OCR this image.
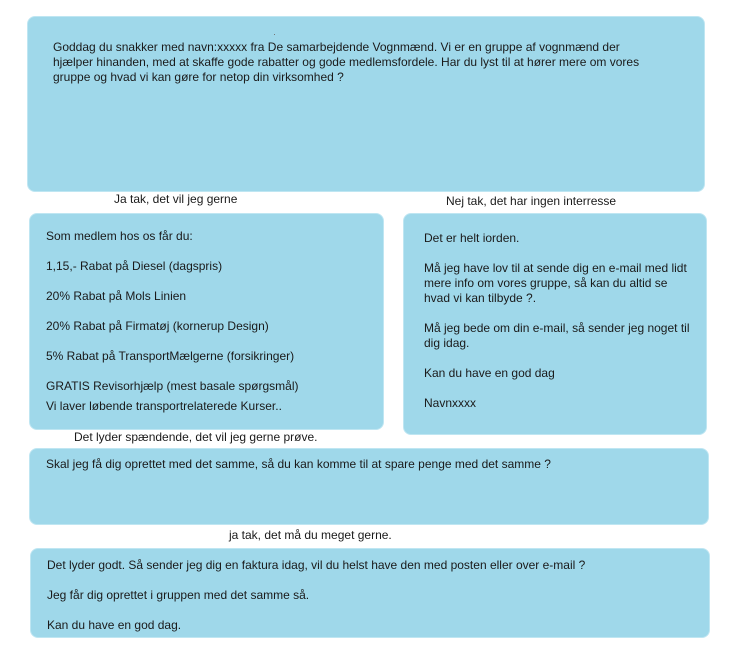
Goddag du snakker med navn:xxxxx fra De samarbejdende Vognmænd. Vi er en gruppe af vognmænd der hjælper hinanden, med at skaffe gode rabatter og gode medlemsfordele. Har du lyst til at hører mere om vores gruppe og hvad vi kan gøre for netop din virksomhed ?

Ja tak, det vil jeg gerne	Nej tak, det har ingen interresse

Som medlem hos os får du:

1,15,- Rabat på Diesel (dagspris)

20% Rabat på Mols Linien

20% Rabat på Firmatøj (kornerup Design)

5% Rabat på TransportMælgerne (forsikringer)

GRATIS Revisorhjælp (mest basale spørgsmål)

Vi laver løbende transportrelaterede Kurser..

Det er helt iorden.

Må jeg have lov til at sende dig en e-mail med lidt mere info om vores gruppe, så kan du altid se hvad vi kan tilbyde ?.

Må jeg bede om din e-mail, så sender jeg noget til dig idag.

Kan du have en god dag

Navnxxxx

Det lyder spændende, det vil jeg gerne prøve.

Skal jeg få dig oprettet med det samme, så du kan komme til at spare penge med det samme ?

ja tak, det må du meget gerne.

Det lyder godt. Så sender jeg dig en faktura idag, vil du helst have den med posten eller over e-mail ?

Jeg får dig oprettet i gruppen med det samme så.

Kan du have en god dag.
